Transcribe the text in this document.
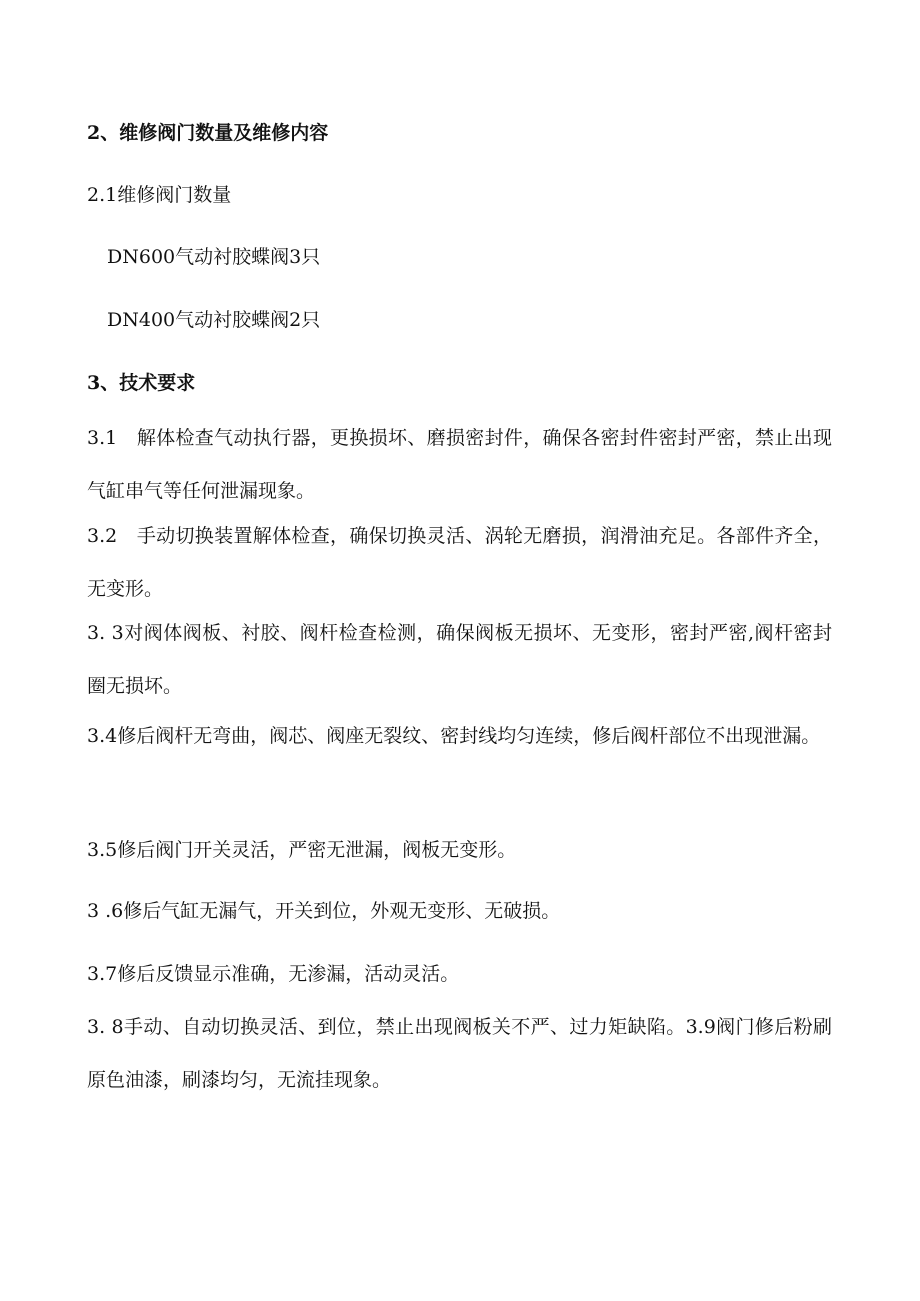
2、维修阀门数量及维修内容
2.1维修阀门数量
DN600气动衬胶蝶阀3只
DN400气动衬胶蝶阀2只
3、技术要求
3.1　解体检查气动执行器，更换损坏、磨损密封件，确保各密封件密封严密，禁止出现气缸串气等任何泄漏现象。
3.2　手动切换装置解体检查，确保切换灵活、涡轮无磨损，润滑油充足。各部件齐全，无变形。
3. 3对阀体阀板、衬胶、阀杆检查检测，确保阀板无损坏、无变形，密封严密,阀杆密封圈无损坏。
3.4修后阀杆无弯曲，阀芯、阀座无裂纹、密封线均匀连续，修后阀杆部位不出现泄漏。
3.5修后阀门开关灵活，严密无泄漏，阀板无变形。
3 .6修后气缸无漏气，开关到位，外观无变形、无破损。
3.7修后反馈显示准确，无渗漏，活动灵活。
3. 8手动、自动切换灵活、到位，禁止出现阀板关不严、过力矩缺陷。3.9阀门修后粉刷原色油漆，刷漆均匀，无流挂现象。
